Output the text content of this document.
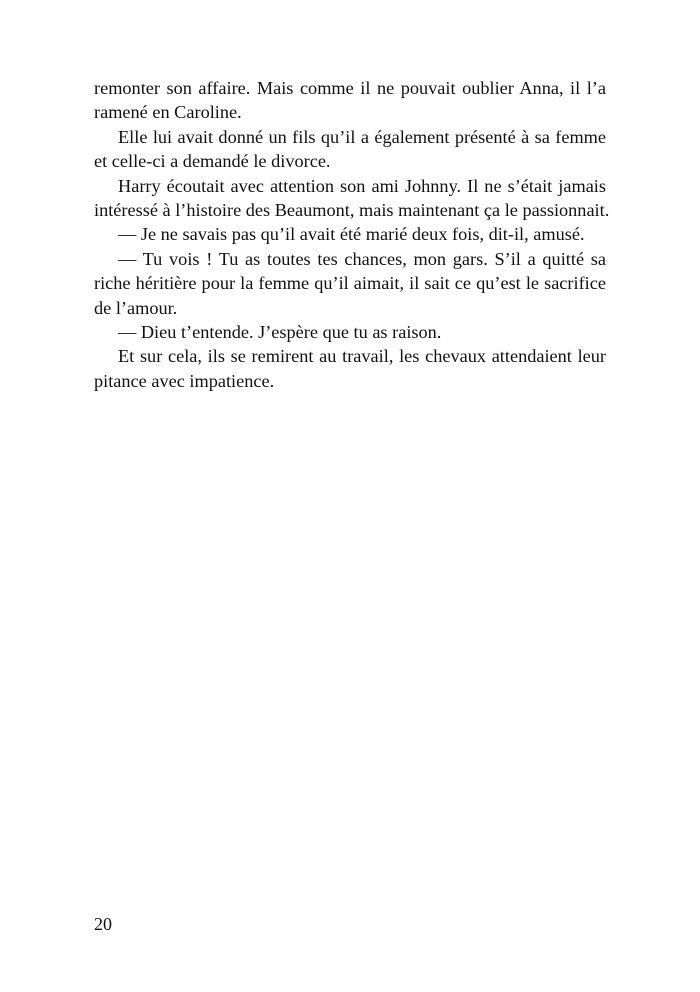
remonter son affaire. Mais comme il ne pouvait oublier Anna, il l’a
ramené en Caroline.
Elle lui avait donné un fils qu’il a également présenté à sa femme
et celle-ci a demandé le divorce.
Harry écoutait avec attention son ami Johnny. Il ne s’était jamais
intéressé à l’histoire des Beaumont, mais maintenant ça le passionnait.
— Je ne savais pas qu’il avait été marié deux fois, dit-il, amusé.
— Tu vois ! Tu as toutes tes chances, mon gars. S’il a quitté sa
riche héritière pour la femme qu’il aimait, il sait ce qu’est le sacrifice
de l’amour.
— Dieu t’entende. J’espère que tu as raison.
Et sur cela, ils se remirent au travail, les chevaux attendaient leur
pitance avec impatience.
20
